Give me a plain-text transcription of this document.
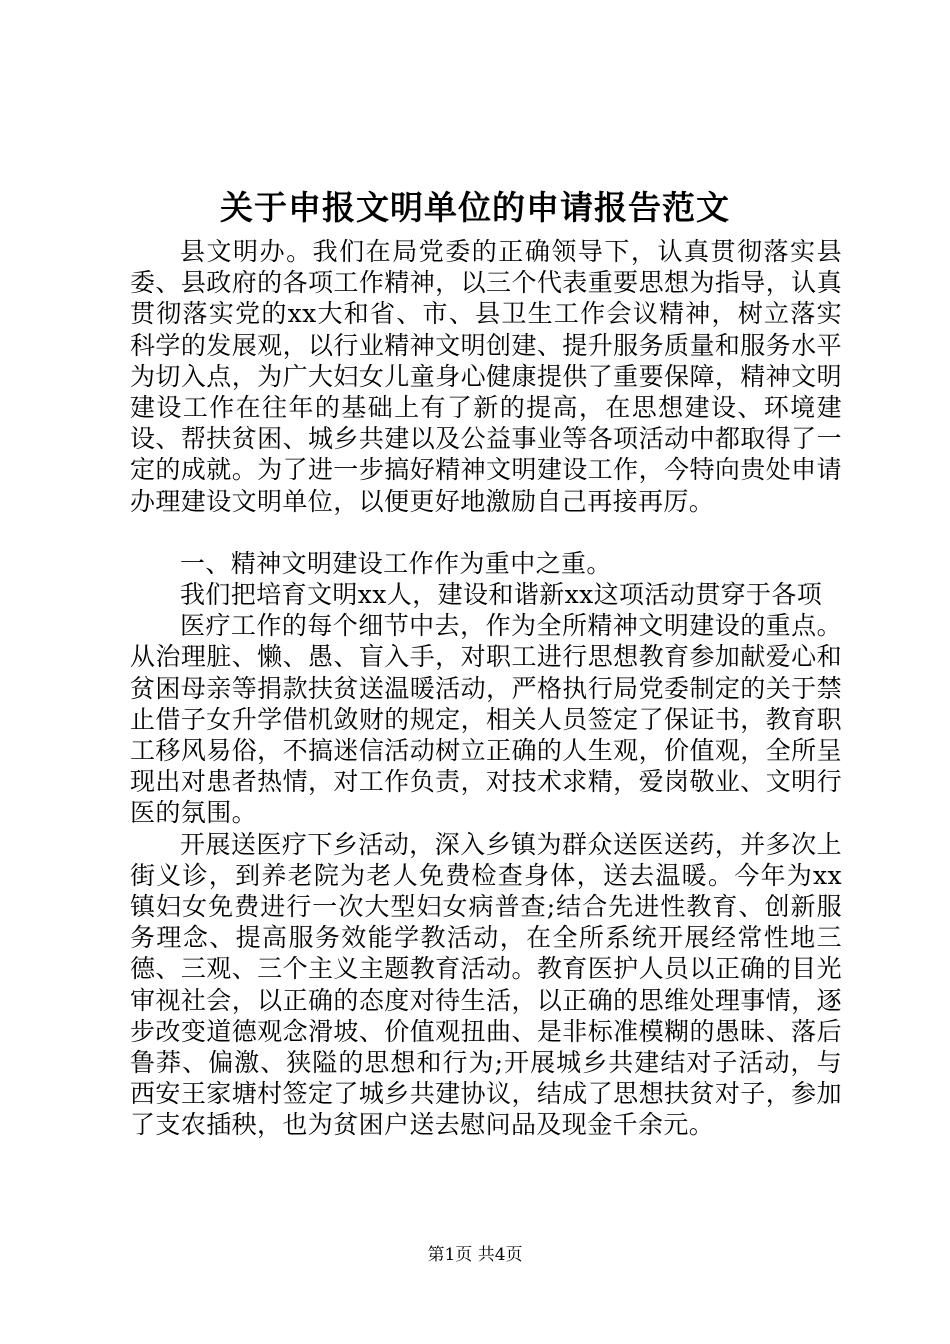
关于申报文明单位的申请报告范文

县文明办。我们在局党委的正确领导下，认真贯彻落实县委、县政府的各项工作精神，以三个代表重要思想为指导，认真贯彻落实党的xx大和省、市、县卫生工作会议精神，树立落实科学的发展观，以行业精神文明创建、提升服务质量和服务水平为切入点，为广大妇女儿童身心健康提供了重要保障，精神文明建设工作在往年的基础上有了新的提高，在思想建设、环境建设、帮扶贫困、城乡共建以及公益事业等各项活动中都取得了一定的成就。为了进一步搞好精神文明建设工作，今特向贵处申请办理建设文明单位，以便更好地激励自己再接再厉。

一、精神文明建设工作作为重中之重。

我们把培育文明xx人，建设和谐新xx这项活动贯穿于各项

医疗工作的每个细节中去，作为全所精神文明建设的重点。从治理脏、懒、愚、盲入手，对职工进行思想教育参加献爱心和贫困母亲等捐款扶贫送温暖活动，严格执行局党委制定的关于禁止借子女升学借机敛财的规定，相关人员签定了保证书，教育职工移风易俗，不搞迷信活动树立正确的人生观，价值观，全所呈现出对患者热情，对工作负责，对技术求精，爱岗敬业、文明行医的氛围。

开展送医疗下乡活动，深入乡镇为群众送医送药，并多次上街义诊，到养老院为老人免费检查身体，送去温暖。今年为xx镇妇女免费进行一次大型妇女病普查;结合先进性教育、创新服务理念、提高服务效能学教活动，在全所系统开展经常性地三德、三观、三个主义主题教育活动。教育医护人员以正确的目光审视社会，以正确的态度对待生活，以正确的思维处理事情，逐步改变道德观念滑坡、价值观扭曲、是非标准模糊的愚昧、落后鲁莽、偏激、狭隘的思想和行为;开展城乡共建结对子活动，与西安王家塘村签定了城乡共建协议，结成了思想扶贫对子，参加了支农插秧，也为贫困户送去慰问品及现金千余元。

第1页 共4页
